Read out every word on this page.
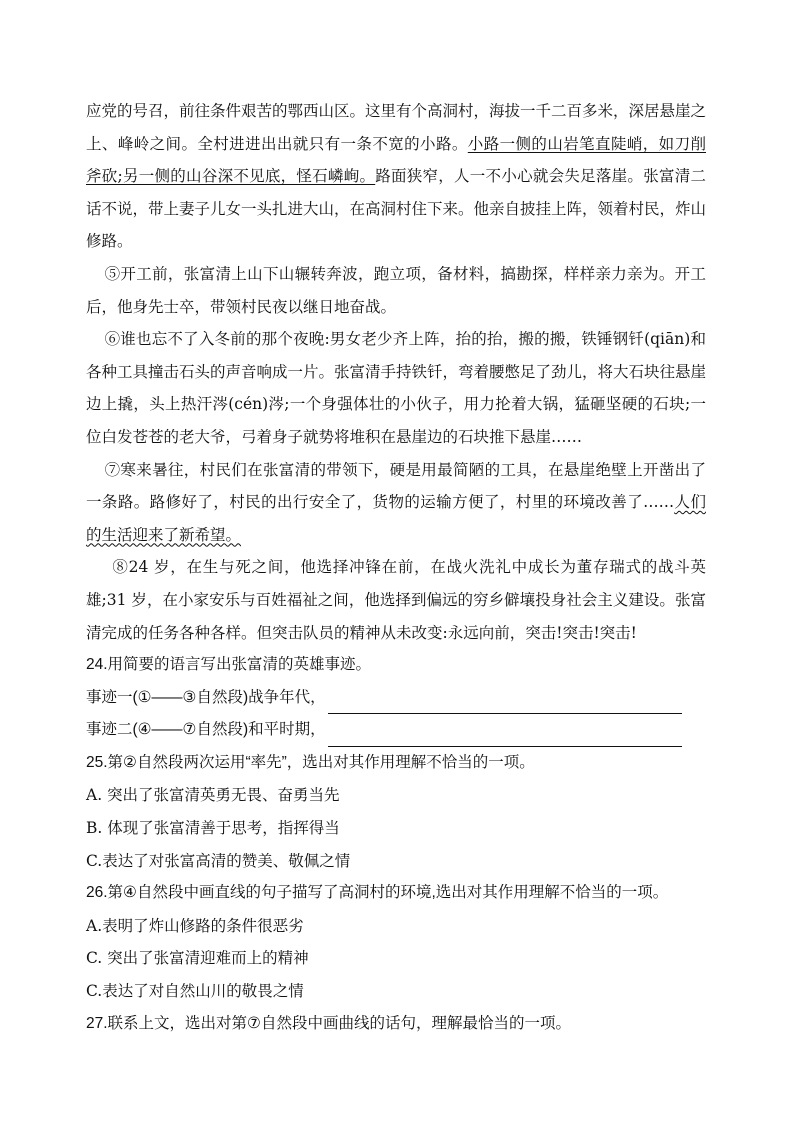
应党的号召，前往条件艰苦的鄂西山区。这里有个高洞村，海拔一千二百多米，深居悬崖之上、峰岭之间。全村进进出出就只有一条不宽的小路。小路一侧的山岩笔直陡峭，如刀削斧砍;另一侧的山谷深不见底，怪石嶙峋。路面狭窄，人一不小心就会失足落崖。张富清二话不说，带上妻子儿女一头扎进大山，在高洞村住下来。他亲自披挂上阵，领着村民，炸山修路。

⑤开工前，张富清上山下山辗转奔波，跑立项，备材料，搞勘探，样样亲力亲为。开工后，他身先士卒，带领村民夜以继日地奋战。

⑥谁也忘不了入冬前的那个夜晚:男女老少齐上阵，抬的抬，搬的搬，铁锤钢钎(qiān)和各种工具撞击石头的声音响成一片。张富清手持铁钎，弯着腰憋足了劲儿，将大石块往悬崖边上撬，头上热汗涔(cén)涔;一个身强体壮的小伙子，用力抡着大锅，猛砸坚硬的石块;一位白发苍苍的老大爷，弓着身子就势将堆积在悬崖边的石块推下悬崖……

⑦寒来暑往，村民们在张富清的带领下，硬是用最简陋的工具，在悬崖绝壁上开凿出了一条路。路修好了，村民的出行安全了，货物的运输方便了，村里的环境改善了……人们的生活迎来了新希望。

⑧24 岁，在生与死之间，他选择冲锋在前，在战火洗礼中成长为董存瑞式的战斗英雄;31 岁，在小家安乐与百姓福祉之间，他选择到偏远的穷乡僻壤投身社会主义建设。张富清完成的任务各种各样。但突击队员的精神从未改变:永远向前，突击!突击!突击!

24.用简要的语言写出张富清的英雄事迹。

事迹一(①——③自然段)战争年代，
事迹二(④——⑦自然段)和平时期，

25.第②自然段两次运用“率先”，选出对其作用理解不恰当的一项。

A. 突出了张富清英勇无畏、奋勇当先

B. 体现了张富清善于思考，指挥得当

C.表达了对张富高清的赞美、敬佩之情

26.第④自然段中画直线的句子描写了高洞村的环境,选出对其作用理解不恰当的一项。

A.表明了炸山修路的条件很恶劣

C. 突出了张富清迎难而上的精神

C.表达了对自然山川的敬畏之情

27.联系上文，选出对第⑦自然段中画曲线的话句，理解最恰当的一项。
